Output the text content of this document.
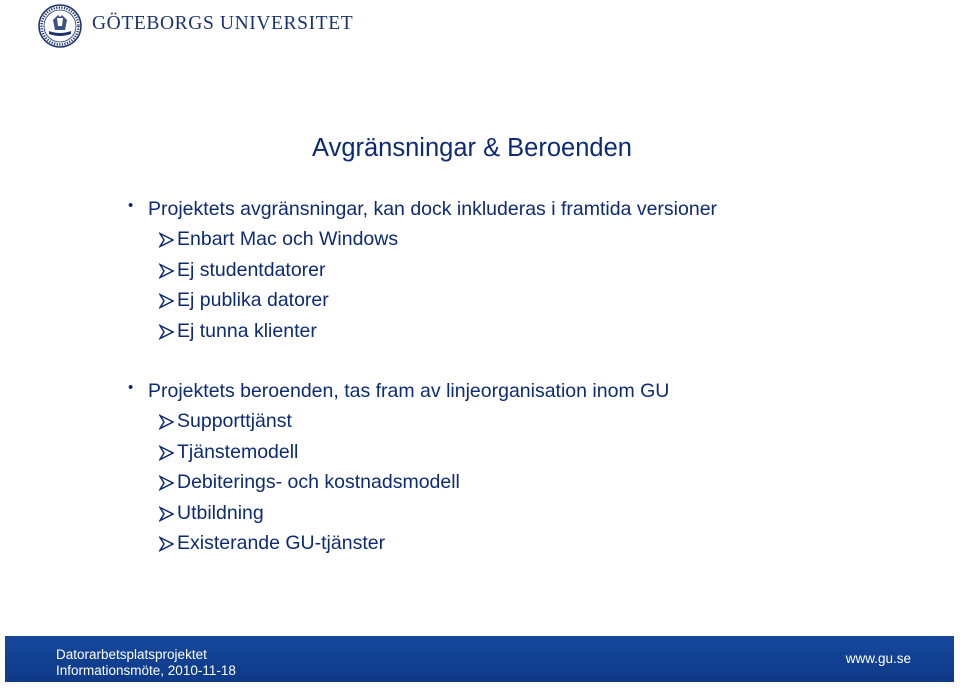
GÖTEBORGS UNIVERSITET
Avgränsningar & Beroenden
• Projektets avgränsningar, kan dock inkluderas i framtida versioner
Enbart Mac och Windows
Ej studentdatorer
Ej publika datorer
Ej tunna klienter
• Projektets beroenden, tas fram av linjeorganisation inom GU
Supporttjänst
Tjänstemodell
Debiterings- och kostnadsmodell
Utbildning
Existerande GU-tjänster
Datorarbetsplatsprojektet
Informationsmöte, 2010-11-18
www.gu.se
